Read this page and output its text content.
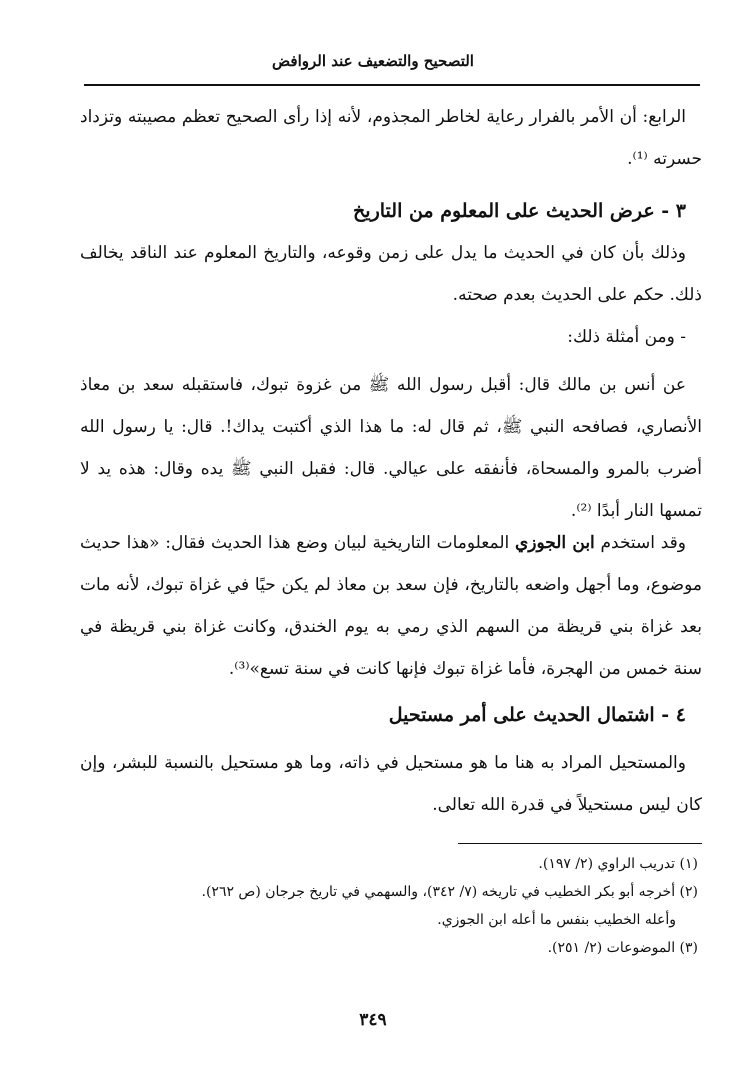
التصحيح والتضعيف عند الروافض

الرابع: أن الأمر بالفرار رعاية لخاطر المجذوم، لأنه إذا رأى الصحيح تعظم مصيبته وتزداد حسرته ⁽¹⁾.

٣ - عرض الحديث على المعلوم من التاريخ

وذلك بأن كان في الحديث ما يدل على زمن وقوعه، والتاريخ المعلوم عند الناقد يخالف ذلك. حكم على الحديث بعدم صحته.

- ومن أمثلة ذلك:

عن أنس بن مالك قال: أقبل رسول الله ﷺ من غزوة تبوك، فاستقبله سعد بن معاذ الأنصاري، فصافحه النبي ﷺ، ثم قال له: ما هذا الذي أكتبت يداك!. قال: يا رسول الله أضرب بالمرو والمسحاة، فأنفقه على عيالي. قال: فقبل النبي ﷺ يده وقال: هذه يد لا تمسها النار أبدًا ⁽²⁾.

وقد استخدم ابن الجوزي المعلومات التاريخية لبيان وضع هذا الحديث فقال: «هذا حديث موضوع، وما أجهل واضعه بالتاريخ، فإن سعد بن معاذ لم يكن حيًا في غزاة تبوك، لأنه مات بعد غزاة بني قريظة من السهم الذي رمي به يوم الخندق، وكانت غزاة بني قريظة في سنة خمس من الهجرة، فأما غزاة تبوك فإنها كانت في سنة تسع»⁽³⁾.

٤ - اشتمال الحديث على أمر مستحيل

والمستحيل المراد به هنا ما هو مستحيل في ذاته، وما هو مستحيل بالنسبة للبشر، وإن كان ليس مستحيلاً في قدرة الله تعالى.

(١) تدريب الراوي (٢/ ١٩٧).

(٢) أخرجه أبو بكر الخطيب في تاريخه (٧/ ٣٤٢)، والسهمي في تاريخ جرجان (ص ٢٦٢).

وأعله الخطيب بنفس ما أعله ابن الجوزي.

(٣) الموضوعات (٢/ ٢٥١).

٣٤٩
